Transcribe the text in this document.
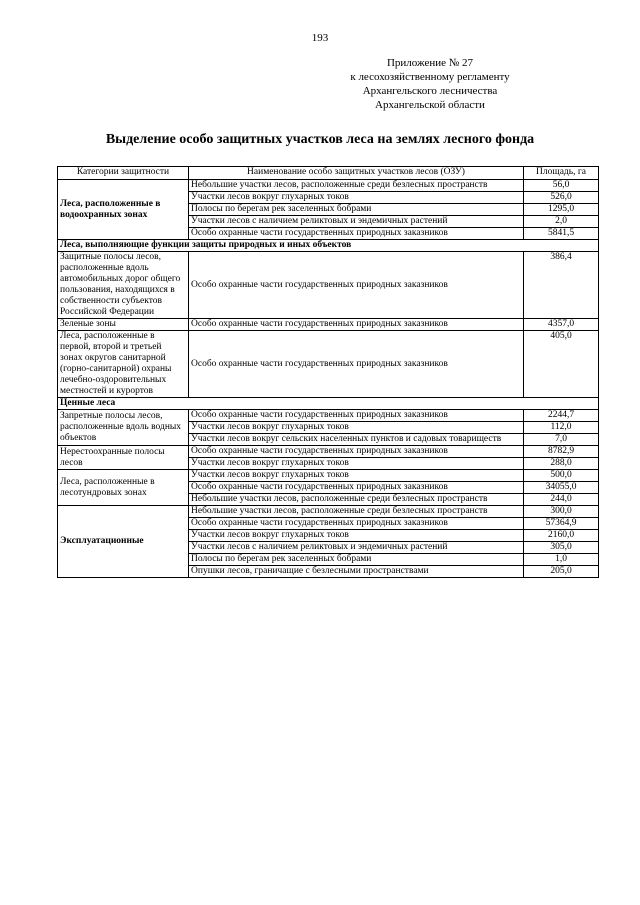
193
Приложение № 27
к лесохозяйственному регламенту
Архангельского лесничества
Архангельской области
Выделение особо защитных участков леса на землях лесного фонда
Категории защитности	Наименование особо защитных участков лесов (ОЗУ)	Площадь, га
Леса, расположенные в водоохранных зонах	Небольшие участки лесов, расположенные среди безлесных пространств	56,0
	Участки лесов вокруг глухарных токов	526,0
	Полосы по берегам рек заселенных бобрами	1295,0
	Участки лесов с наличием реликтовых и эндемичных растений	2,0
	Особо охранные части государственных природных заказников	5841,5
Леса, выполняющие функции защиты природных и иных объектов		
Защитные полосы лесов, расположенные вдоль автомобильных дорог общего пользования, находящихся в собственности субъектов Российской Федерации	Особо охранные части государственных природных заказников	386,4
Зеленые зоны	Особо охранные части государственных природных заказников	4357,0
Леса, расположенные в первой, второй и третьей зонах округов санитарной (горно-санитарной) охраны лечебно-оздоровительных местностей и курортов	Особо охранные части государственных природных заказников	405,0
Ценные леса		
Запретные полосы лесов, расположенные вдоль водных объектов	Особо охранные части государственных природных заказников	2244,7
	Участки лесов вокруг глухарных токов	112,0
	Участки лесов вокруг сельских населенных пунктов и садовых товариществ	7,0
Нерестоохранные полосы лесов	Особо охранные части государственных природных заказников	8782,9
	Участки лесов вокруг глухарных токов	288,0
Леса, расположенные в лесотундровых зонах	Участки лесов вокруг глухарных токов	500,0
	Особо охранные части государственных природных заказников	34055,0
	Небольшие участки лесов, расположенные среди безлесных пространств	244,0
Эксплуатационные	Небольшие участки лесов, расположенные среди безлесных пространств	300,0
	Особо охранные части государственных природных заказников	57364,9
	Участки лесов вокруг глухарных токов	2160,0
	Участки лесов с наличием реликтовых и эндемичных растений	305,0
	Полосы по берегам рек заселенных бобрами	1,0
	Опушки лесов, граничащие с безлесными пространствами	205,0
